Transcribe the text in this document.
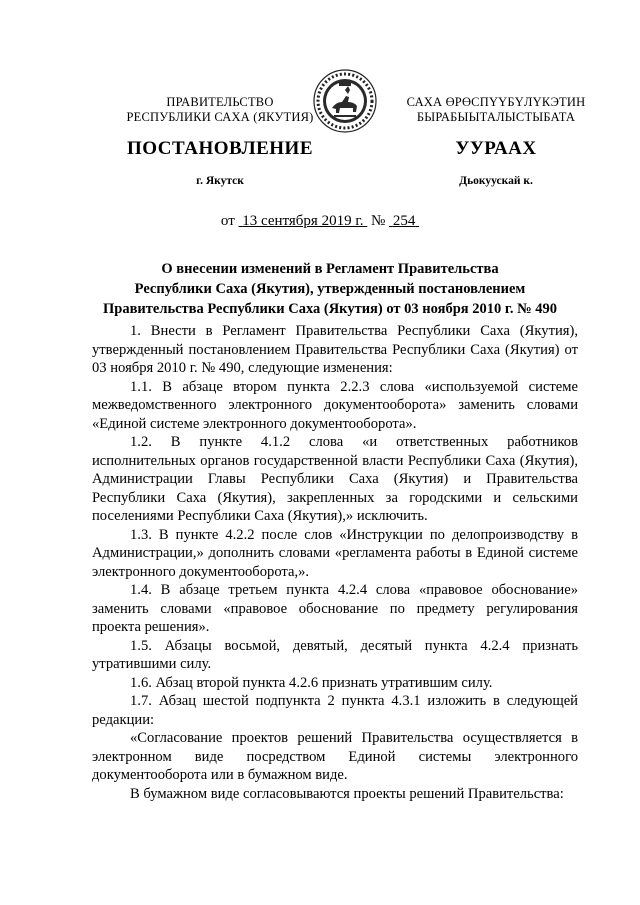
ПРАВИТЕЛЬСТВО
РЕСПУБЛИКИ САХА (ЯКУТИЯ)
САХА ӨРӨСПҮҮБҮЛҮКЭТИН
БЫРАБЫЫТАЛЫСТЫБАТА
ПОСТАНОВЛЕНИЕ	УУРААХ
г. Якутск	Дьокуускай к.
от 13 сентября 2019 г. № 254
О внесении изменений в Регламент Правительства
Республики Саха (Якутия), утвержденный постановлением
Правительства Республики Саха (Якутия) от 03 ноября 2010 г. № 490

1. Внести в Регламент Правительства Республики Саха (Якутия), утвержденный постановлением Правительства Республики Саха (Якутия) от 03 ноября 2010 г. № 490, следующие изменения:

1.1. В абзаце втором пункта 2.2.3 слова «используемой системе межведомственного электронного документооборота» заменить словами «Единой системе электронного документооборота».

1.2. В пункте 4.1.2 слова «и ответственных работников исполнительных органов государственной власти Республики Саха (Якутия), Администрации Главы Республики Саха (Якутия) и Правительства Республики Саха (Якутия), закрепленных за городскими и сельскими поселениями Республики Саха (Якутия),» исключить.

1.3. В пункте 4.2.2 после слов «Инструкции по делопроизводству в Администрации,» дополнить словами «регламента работы в Единой системе электронного документооборота,».

1.4. В абзаце третьем пункта 4.2.4 слова «правовое обоснование» заменить словами «правовое обоснование по предмету регулирования проекта решения».

1.5. Абзацы восьмой, девятый, десятый пункта 4.2.4 признать утратившими силу.

1.6. Абзац второй пункта 4.2.6 признать утратившим силу.

1.7. Абзац шестой подпункта 2 пункта 4.3.1 изложить в следующей редакции:

«Согласование проектов решений Правительства осуществляется в электронном виде посредством Единой системы электронного документооборота или в бумажном виде.

В бумажном виде согласовываются проекты решений Правительства:
